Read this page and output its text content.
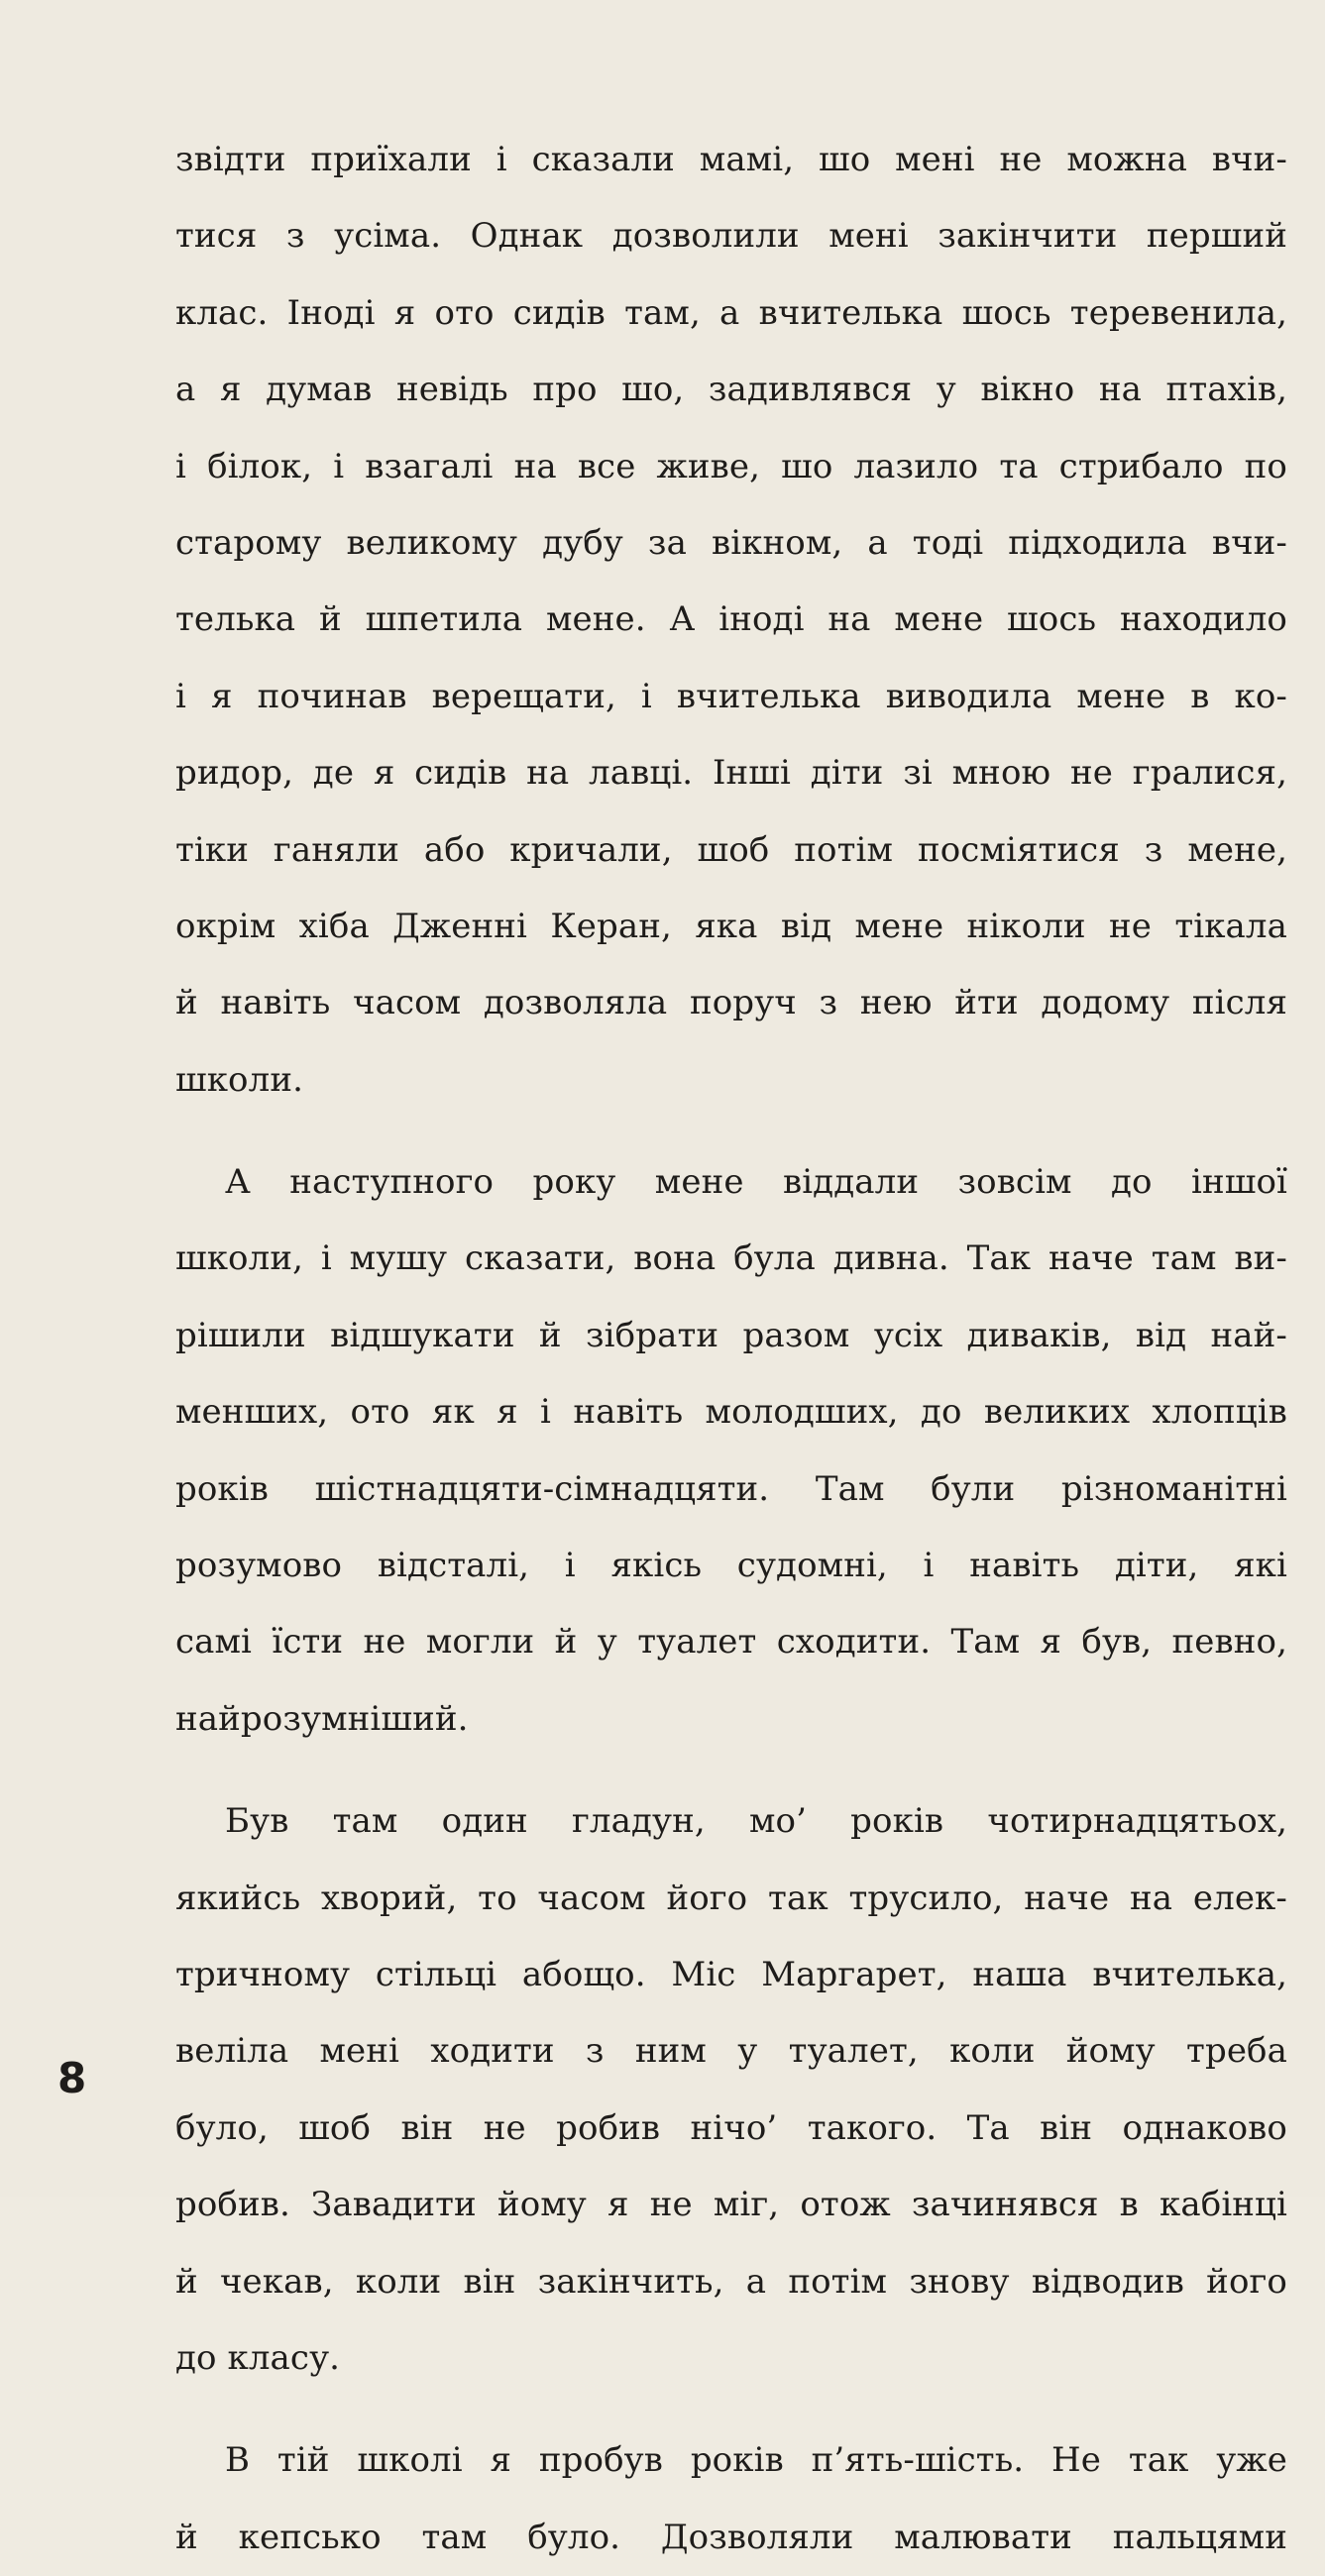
звідти приїхали і сказали мамі, шо мені не можна вчи-
тися з усіма. Однак дозволили мені закінчити перший
клас. Іноді я ото сидів там, а вчителька шось теревенила,
а я думав невідь про шо, задивлявся у вікно на птахів,
і білок, і взагалі на все живе, шо лазило та стрибало по
старому великому дубу за вікном, а тоді підходила вчи-
телька й шпетила мене. А іноді на мене шось находило
і я починав верещати, і вчителька виводила мене в ко-
ридор, де я сидів на лавці. Інші діти зі мною не гралися,
тіки ганяли або кричали, шоб потім посміятися з мене,
окрім хіба Дженні Керан, яка від мене ніколи не тікала
й навіть часом дозволяла поруч з нею йти додому після
школи.
А наступного року мене віддали зовсім до іншої
школи, і мушу сказати, вона була дивна. Так наче там ви-
рішили відшукати й зібрати разом усіх диваків, від най-
менших, ото як я і навіть молодших, до великих хлопців
років шістнадцяти-сімнадцяти. Там були різноманітні
розумово відсталі, і якісь судомні, і навіть діти, які
самі їсти не могли й у туалет сходити. Там я був, певно,
найрозумніший.
Був там один гладун, мо’ років чотирнадцятьох,
якийсь хворий, то часом його так трусило, наче на елек-
тричному стільці абощо. Міс Маргарет, наша вчителька,
веліла мені ходити з ним у туалет, коли йому треба
було, шоб він не робив нічо’ такого. Та він однаково
робив. Завадити йому я не міг, отож зачинявся в кабінці
й чекав, коли він закінчить, а потім знову відводив його
до класу.
В тій школі я пробув років п’ять-шість. Не так уже
й кепсько там було. Дозволяли малювати пальцями
8
